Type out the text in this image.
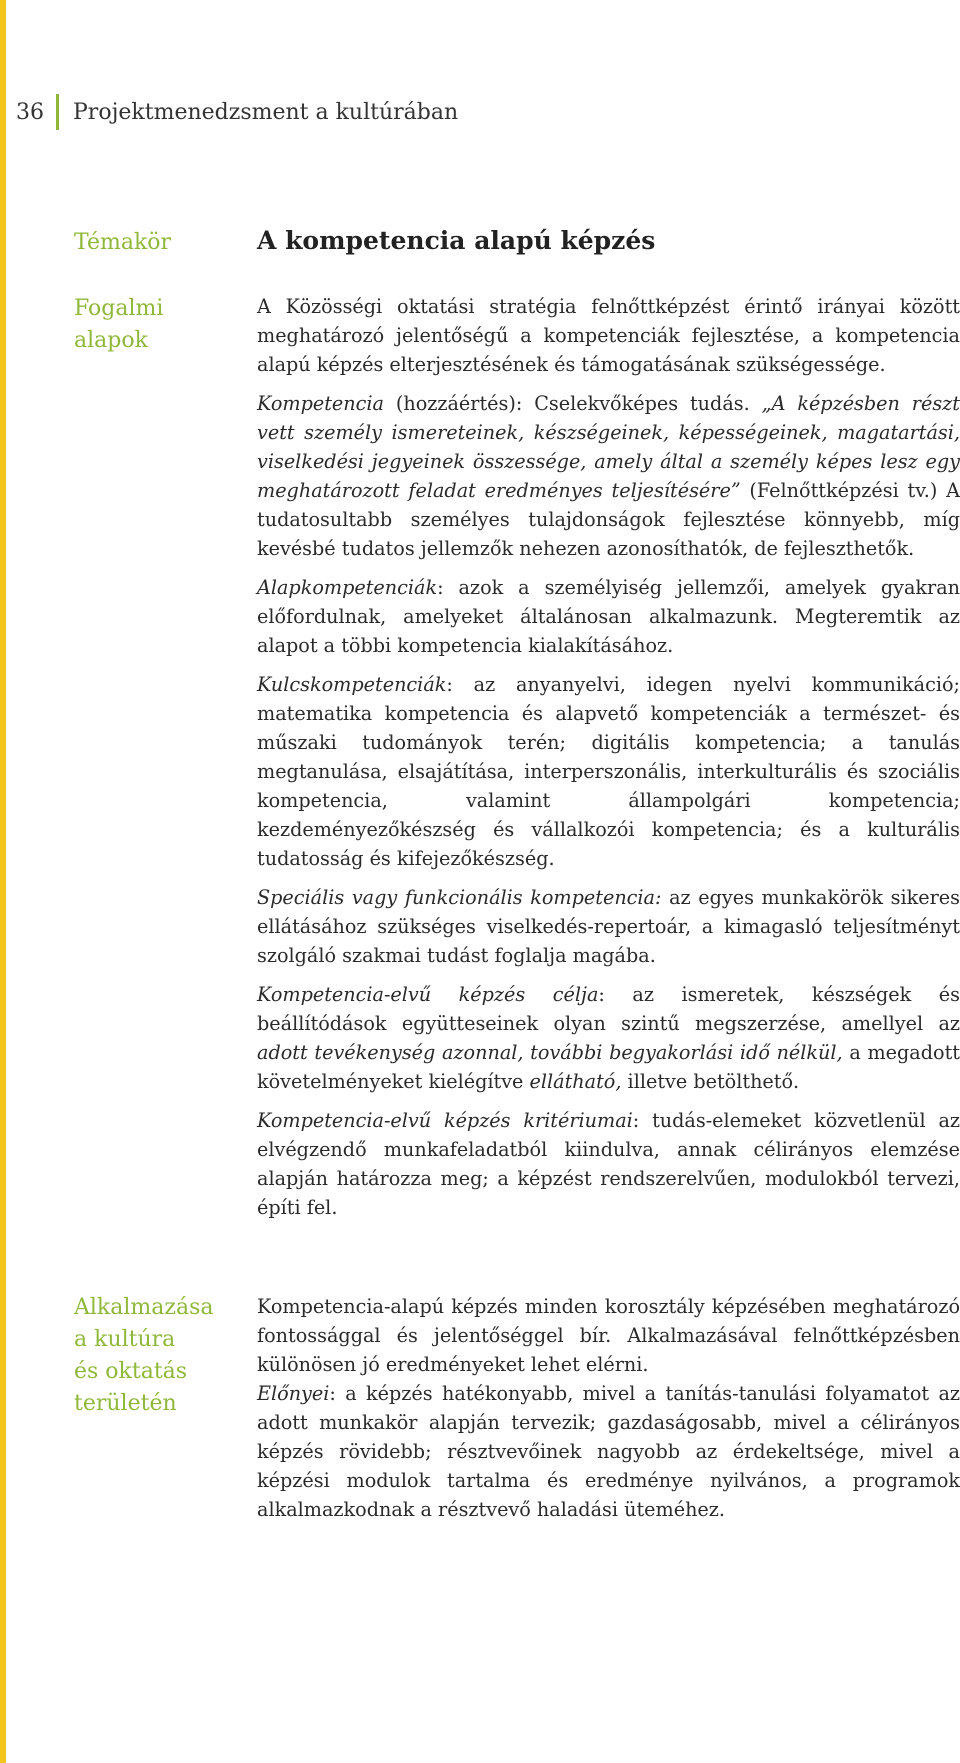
36	Projektmenedzsment a kultúrában
Témakör	A kompetencia alapú képzés
Fogalmi
alapok

A Közösségi oktatási stratégia felnőttképzést érintő irányai között meghatározó jelentőségű a kompetenciák fejlesztése, a kompetencia alapú képzés elterjesztésének és támogatásának szükségessége.

Kompetencia (hozzáértés): Cselekvőképes tudás. „A képzésben részt vett személy ismereteinek, készségeinek, képességeinek, magatartási, viselkedési jegyeinek összessége, amely által a személy képes lesz egy meghatározott feladat eredményes teljesítésére” (Felnőttképzési tv.) A tudatosultabb személyes tulajdonságok fejlesztése könnyebb, míg kevésbé tudatos jellemzők nehezen azonosíthatók, de fejleszthetők.

Alapkompetenciák: azok a személyiség jellemzői, amelyek gyakran előfordulnak, amelyeket általánosan alkalmazunk. Megteremtik az alapot a többi kompetencia kialakításához.

Kulcskompetenciák: az anyanyelvi, idegen nyelvi kommunikáció; matematika kompetencia és alapvető kompetenciák a természet- és műszaki tudományok terén; digitális kompetencia; a tanulás megtanulása, elsajátítása, interperszonális, interkulturális és szociális kompetencia, valamint állampolgári kompetencia; kezdeményezőkészség és vállalkozói kompetencia; és a kulturális tudatosság és kifejezőkészség.

Speciális vagy funkcionális kompetencia: az egyes munkakörök sikeres ellátásához szükséges viselkedés-repertoár, a kimagasló teljesítményt szolgáló szakmai tudást foglalja magába.

Kompetencia-elvű képzés célja: az ismeretek, készségek és beállítódások együtteseinek olyan szintű megszerzése, amellyel az adott tevékenység azonnal, további begyakorlási idő nélkül, a megadott követelményeket kielégítve ellátható, illetve betölthető.

Kompetencia-elvű képzés kritériumai: tudás-elemeket közvetlenül az elvégzendő munkafeladatból kiindulva, annak célirányos elemzése alapján határozza meg; a képzést rendszerelvűen, modulokból tervezi, építi fel.

Alkalmazása
a kultúra
és oktatás
területén

Kompetencia-alapú képzés minden korosztály képzésében meghatározó fontossággal és jelentőséggel bír. Alkalmazásával felnőttképzésben különösen jó eredményeket lehet elérni.

Előnyei: a képzés hatékonyabb, mivel a tanítás-tanulási folyamatot az adott munkakör alapján tervezik; gazdaságosabb, mivel a célirányos képzés rövidebb; résztvevőinek nagyobb az érdekeltsége, mivel a képzési modulok tartalma és eredménye nyilvános, a programok alkalmazkodnak a résztvevő haladási üteméhez.
